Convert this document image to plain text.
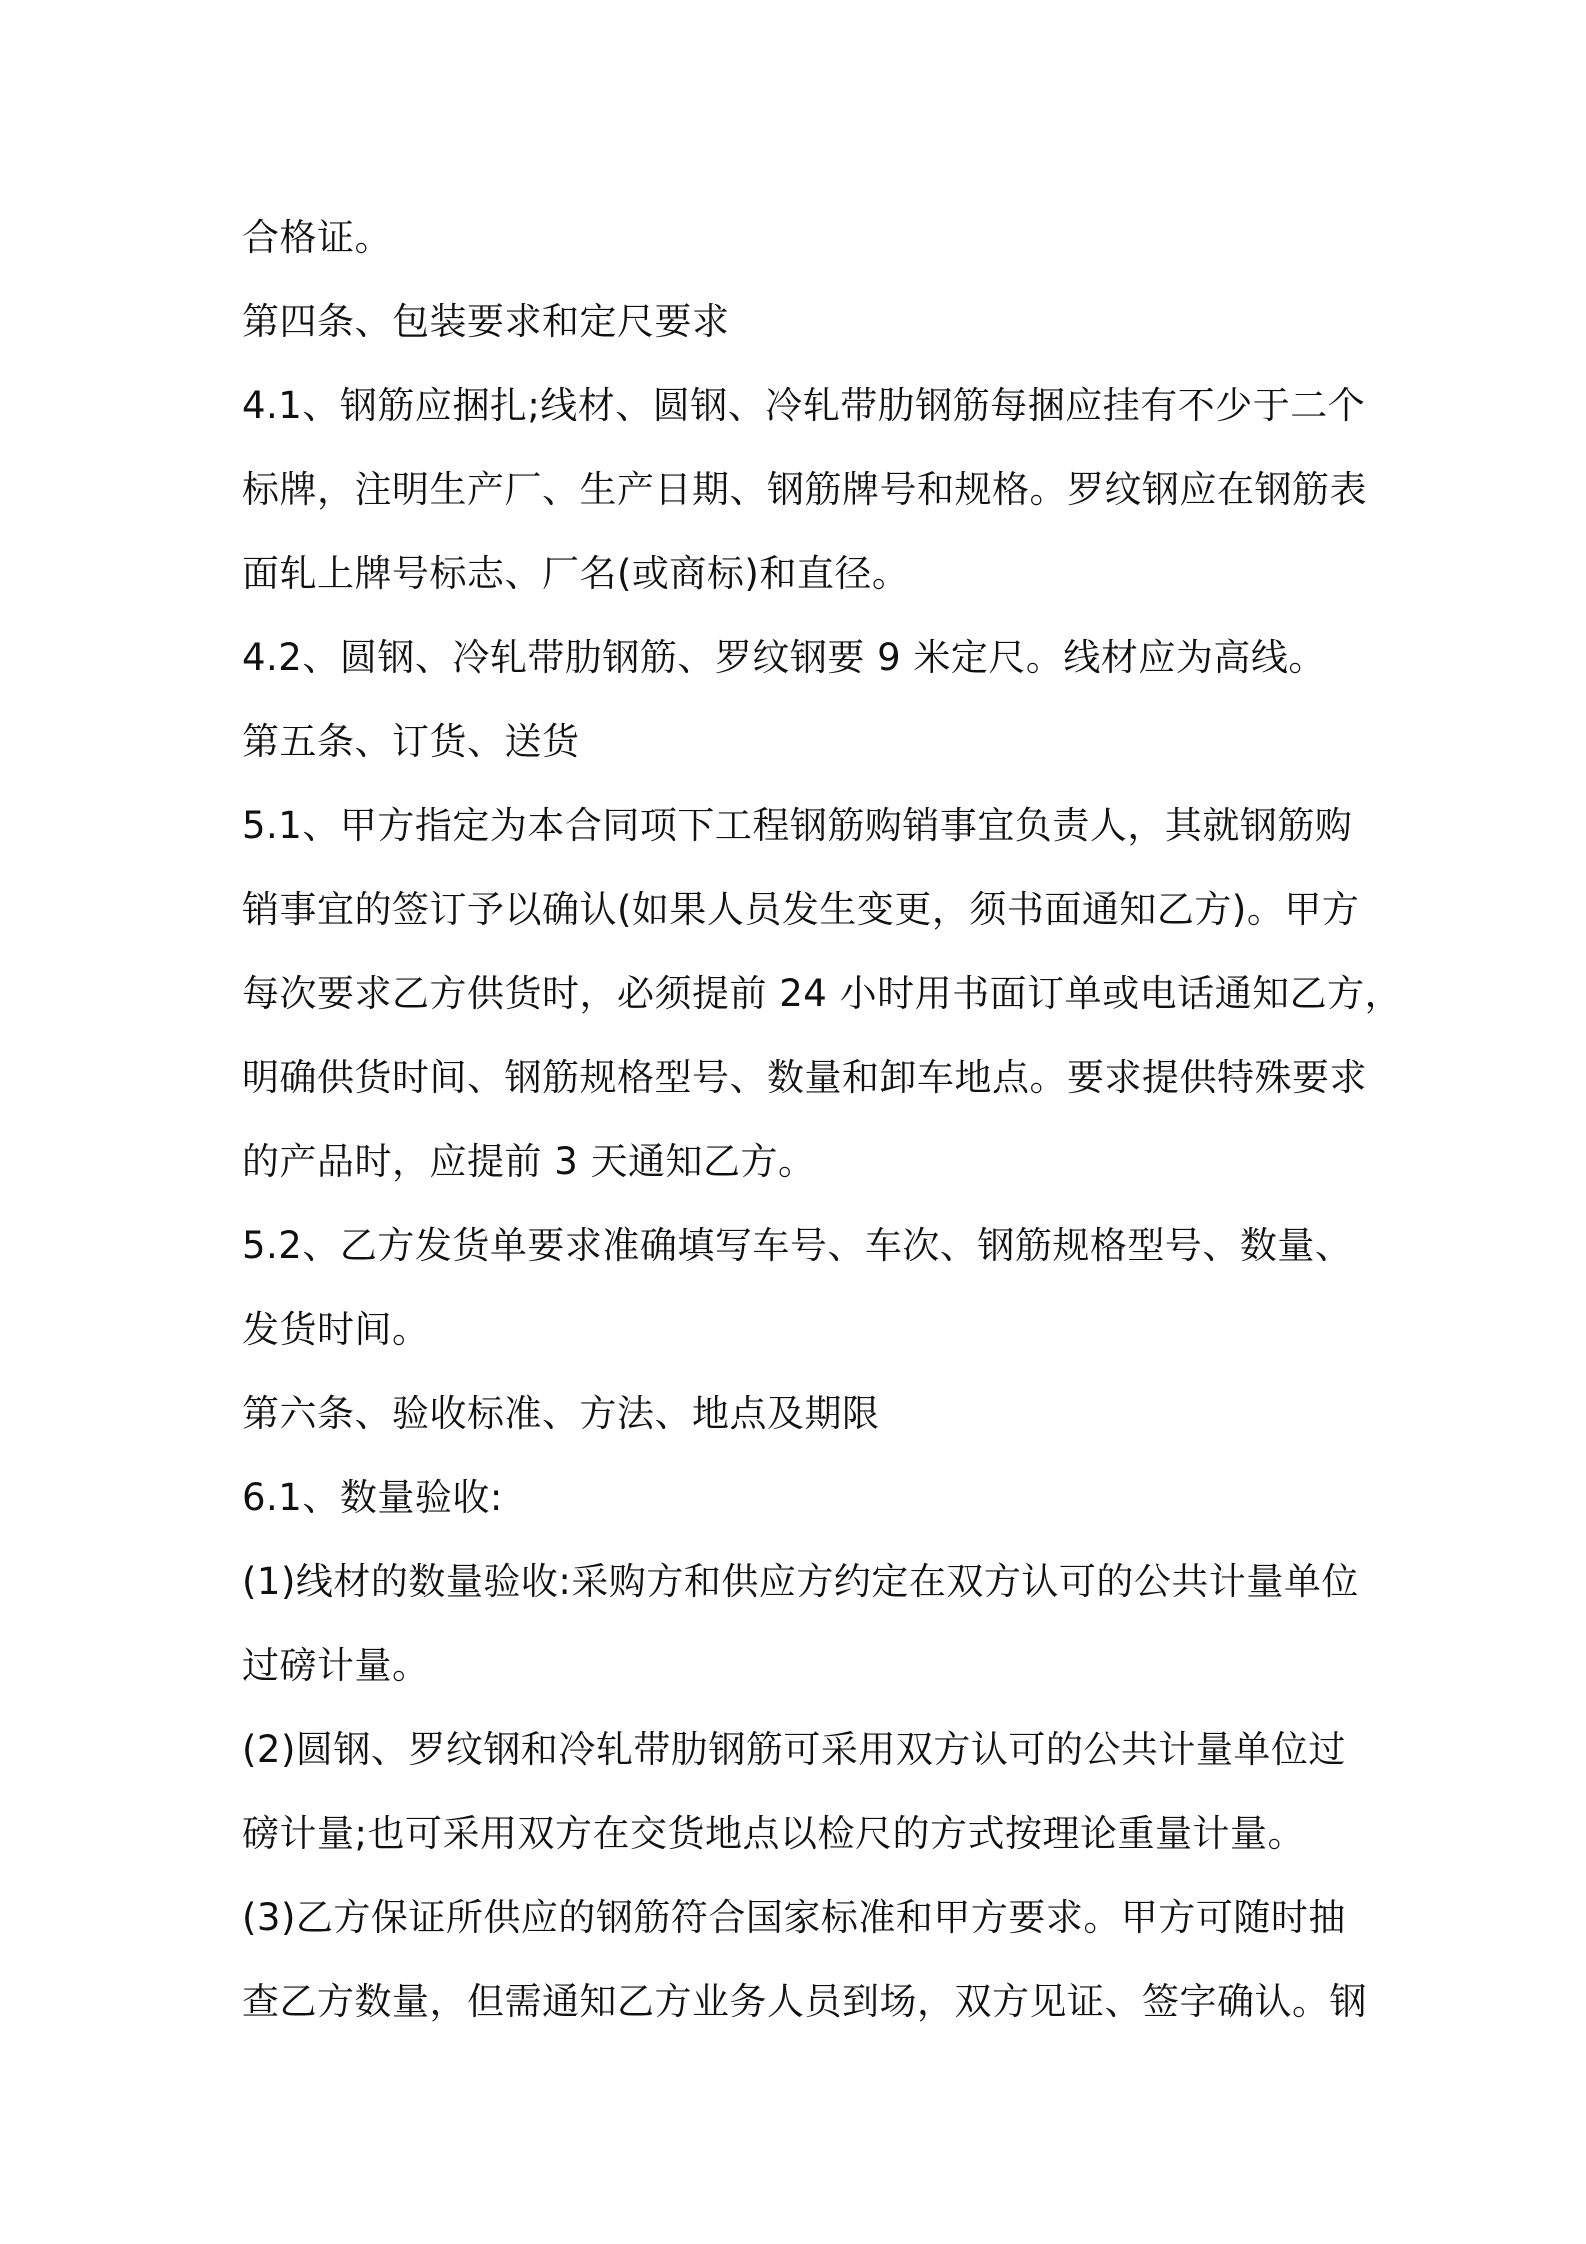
合格证。
第四条、包装要求和定尺要求
4.1、钢筋应捆扎;线材、圆钢、冷轧带肋钢筋每捆应挂有不少于二个
标牌，注明生产厂、生产日期、钢筋牌号和规格。罗纹钢应在钢筋表
面轧上牌号标志、厂名(或商标)和直径。
4.2、圆钢、冷轧带肋钢筋、罗纹钢要 9 米定尺。线材应为高线。
第五条、订货、送货
5.1、甲方指定为本合同项下工程钢筋购销事宜负责人，其就钢筋购
销事宜的签订予以确认(如果人员发生变更，须书面通知乙方)。甲方
每次要求乙方供货时，必须提前 24 小时用书面订单或电话通知乙方，
明确供货时间、钢筋规格型号、数量和卸车地点。要求提供特殊要求
的产品时，应提前 3 天通知乙方。
5.2、乙方发货单要求准确填写车号、车次、钢筋规格型号、数量、
发货时间。
第六条、验收标准、方法、地点及期限
6.1、数量验收:
(1)线材的数量验收:采购方和供应方约定在双方认可的公共计量单位
过磅计量。
(2)圆钢、罗纹钢和冷轧带肋钢筋可采用双方认可的公共计量单位过
磅计量;也可采用双方在交货地点以检尺的方式按理论重量计量。
(3)乙方保证所供应的钢筋符合国家标准和甲方要求。甲方可随时抽
查乙方数量，但需通知乙方业务人员到场，双方见证、签字确认。钢
